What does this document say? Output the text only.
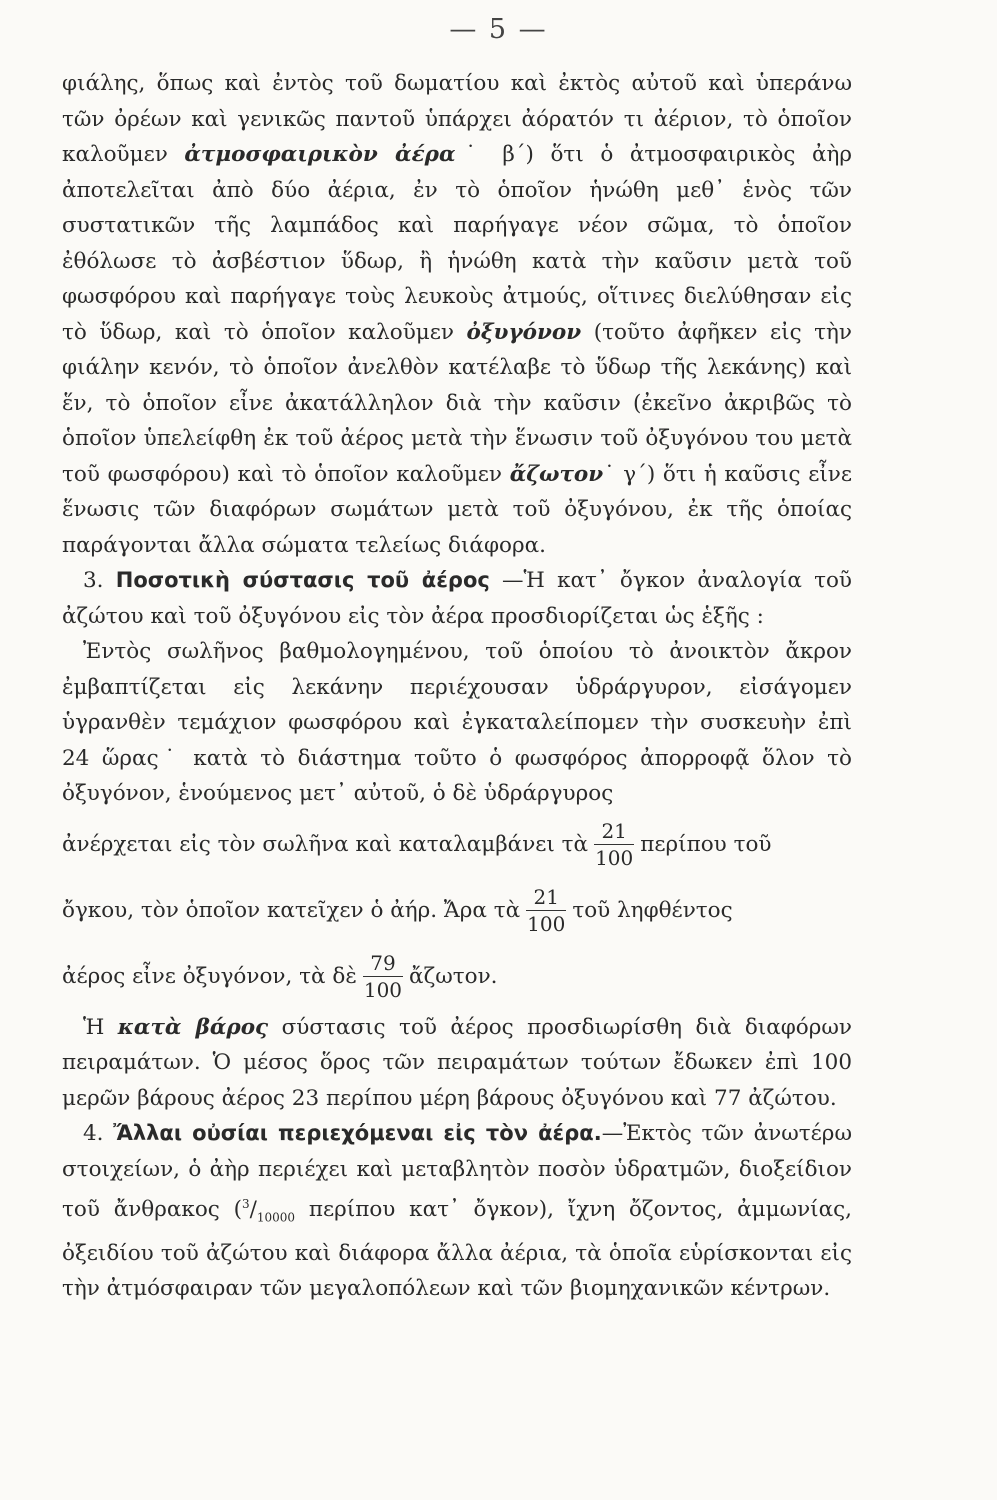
— 5 —

φιάλης, ὅπως καὶ ἐντὸς τοῦ δωματίου καὶ ἐκτὸς αὐτοῦ καὶ ὑπεράνω τῶν ὀρέων καὶ γενικῶς παντοῦ ὑπάρχει ἀόρατόν τι ἀέριον, τὸ ὁποῖον καλοῦμεν ἀτμοσφαιρικὸν ἀέρα˙ β΄) ὅτι ὁ ἀτμοσφαιρικὸς ἀὴρ ἀποτελεῖται ἀπὸ δύο ἀέρια, ἐν τὸ ὁποῖον ἡνώθη μεθ᾽ ἑνὸς τῶν συστατικῶν τῆς λαμπάδος καὶ παρήγαγε νέον σῶμα, τὸ ὁποῖον ἐθόλωσε τὸ ἀσβέστιον ὕδωρ, ἢ ἡνώθη κατὰ τὴν καῦσιν μετὰ τοῦ φωσφόρου καὶ παρήγαγε τοὺς λευκοὺς ἀτμούς, οἵτινες διελύθησαν εἰς τὸ ὕδωρ, καὶ τὸ ὁποῖον καλοῦμεν ὀξυγόνον (τοῦτο ἀφῆκεν εἰς τὴν φιάλην κενόν, τὸ ὁποῖον ἀνελθὸν κατέλαβε τὸ ὕδωρ τῆς λεκάνης) καὶ ἕν, τὸ ὁποῖον εἶνε ἀκατάλληλον διὰ τὴν καῦσιν (ἐκεῖνο ἀκριβῶς τὸ ὁποῖον ὑπελείφθη ἐκ τοῦ ἀέρος μετὰ τὴν ἕνωσιν τοῦ ὀξυγόνου του μετὰ τοῦ φωσφόρου) καὶ τὸ ὁποῖον καλοῦμεν ἄζωτον˙ γ΄) ὅτι ἡ καῦσις εἶνε ἕνωσις τῶν διαφόρων σωμάτων μετὰ τοῦ ὀξυγόνου, ἐκ τῆς ὁποίας παράγονται ἄλλα σώματα τελείως διάφορα.

3. Ποσοτικὴ σύστασις τοῦ ἀέρος —Ἡ κατ᾽ ὄγκον ἀναλογία τοῦ ἀζώτου καὶ τοῦ ὀξυγόνου εἰς τὸν ἀέρα προσδιορίζεται ὡς ἑξῆς :

Ἐντὸς σωλῆνος βαθμολογημένου, τοῦ ὁποίου τὸ ἀνοικτὸν ἄκρον ἐμβαπτίζεται εἰς λεκάνην περιέχουσαν ὑδράργυρον, εἰσάγομεν ὑγρανθὲν τεμάχιον φωσφόρου καὶ ἐγκαταλείπομεν τὴν συσκευὴν ἐπὶ 24 ὥρας˙ κατὰ τὸ διάστημα τοῦτο ὁ φωσφόρος ἀπορροφᾷ ὅλον τὸ ὀξυγόνον, ἑνούμενος μετ᾽ αὐτοῦ, ὁ δὲ ὑδράργυρος

ἀνέρχεται εἰς τὸν σωλῆνα καὶ καταλαμβάνει τὰ $\frac{21}{100}$ περίπου τοῦ

ὄγκου, τὸν ὁποῖον κατεῖχεν ὁ ἀήρ. Ἄρα τὰ $\frac{21}{100}$ τοῦ ληφθέντος

ἀέρος εἶνε ὀξυγόνον, τὰ δὲ $\frac{79}{100}$ ἄζωτον.

Ἡ κατὰ βάρος σύστασις τοῦ ἀέρος προσδιωρίσθη διὰ διαφόρων πειραμάτων. Ὁ μέσος ὅρος τῶν πειραμάτων τούτων ἔδωκεν ἐπὶ 100 μερῶν βάρους ἀέρος 23 περίπου μέρη βάρους ὀξυγόνου καὶ 77 ἀζώτου.

4. Ἄλλαι οὐσίαι περιεχόμεναι εἰς τὸν ἀέρα.—Ἐκτὸς τῶν ἀνωτέρω στοιχείων, ὁ ἀὴρ περιέχει καὶ μεταβλητὸν ποσὸν ὑδρατμῶν, διοξείδιον τοῦ ἄνθρακος ($^3/_{10000}$ περίπου κατ᾽ ὄγκον), ἴχνη ὄζοντος, ἀμμωνίας, ὀξειδίου τοῦ ἀζώτου καὶ διάφορα ἄλλα ἀέρια, τὰ ὁποῖα εὑρίσκονται εἰς τὴν ἀτμόσφαιραν τῶν μεγαλοπόλεων καὶ τῶν βιομηχανικῶν κέντρων.
